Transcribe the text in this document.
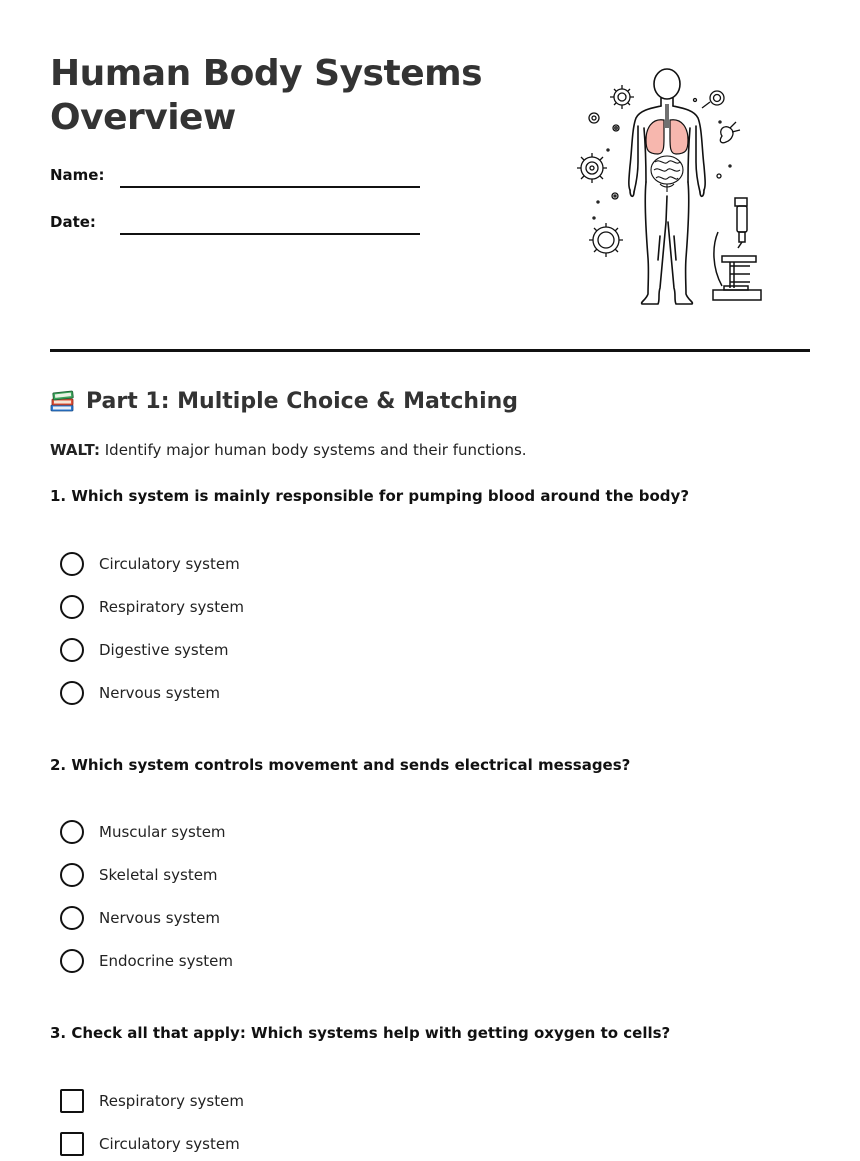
Human Body Systems Overview
Name:
Date:
Part 1: Multiple Choice & Matching
WALT: Identify major human body systems and their functions.
1. Which system is mainly responsible for pumping blood around the body?
Circulatory system
Respiratory system
Digestive system
Nervous system
2. Which system controls movement and sends electrical messages?
Muscular system
Skeletal system
Nervous system
Endocrine system
3. Check all that apply: Which systems help with getting oxygen to cells?
Respiratory system
Circulatory system
